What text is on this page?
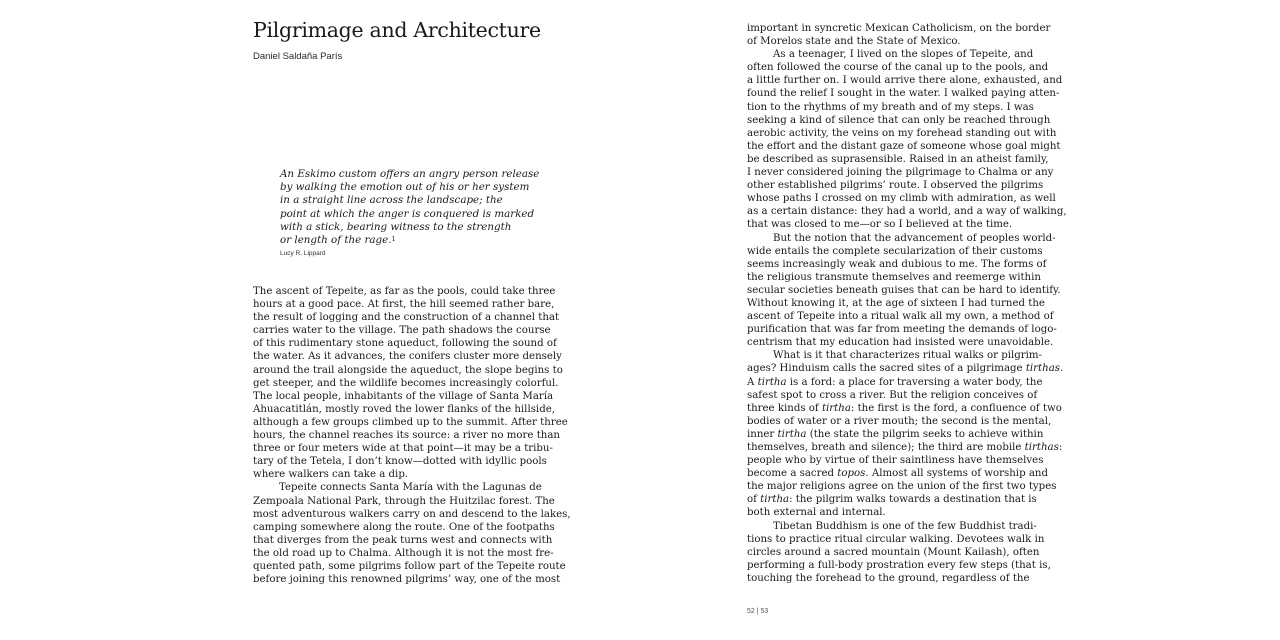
Pilgrimage and Architecture
Daniel Saldaña París
An Eskimo custom offers an angry person release
by walking the emotion out of his or her system
in a straight line across the landscape; the
point at which the anger is conquered is marked
with a stick, bearing witness to the strength
or length of the rage.$^1$
Lucy R. Lippard
The ascent of Tepeite, as far as the pools, could take three
hours at a good pace. At first, the hill seemed rather bare,
the result of logging and the construction of a channel that
carries water to the village. The path shadows the course
of this rudimentary stone aqueduct, following the sound of
the water. As it advances, the conifers cluster more densely
around the trail alongside the aqueduct, the slope begins to
get steeper, and the wildlife becomes increasingly colorful.
The local people, inhabitants of the village of Santa María
Ahuacatitlán, mostly roved the lower flanks of the hillside,
although a few groups climbed up to the summit. After three
hours, the channel reaches its source: a river no more than
three or four meters wide at that point—it may be a tribu-
tary of the Tetela, I don’t know—dotted with idyllic pools
where walkers can take a dip.
Tepeite connects Santa María with the Lagunas de
Zempoala National Park, through the Huitzilac forest. The
most adventurous walkers carry on and descend to the lakes,
camping somewhere along the route. One of the footpaths
that diverges from the peak turns west and connects with
the old road up to Chalma. Although it is not the most fre-
quented path, some pilgrims follow part of the Tepeite route
before joining this renowned pilgrims’ way, one of the most
important in syncretic Mexican Catholicism, on the border
of Morelos state and the State of Mexico.
As a teenager, I lived on the slopes of Tepeite, and
often followed the course of the canal up to the pools, and
a little further on. I would arrive there alone, exhausted, and
found the relief I sought in the water. I walked paying atten-
tion to the rhythms of my breath and of my steps. I was
seeking a kind of silence that can only be reached through
aerobic activity, the veins on my forehead standing out with
the effort and the distant gaze of someone whose goal might
be described as suprasensible. Raised in an atheist family,
I never considered joining the pilgrimage to Chalma or any
other established pilgrims’ route. I observed the pilgrims
whose paths I crossed on my climb with admiration, as well
as a certain distance: they had a world, and a way of walking,
that was closed to me—or so I believed at the time.
But the notion that the advancement of peoples world-
wide entails the complete secularization of their customs
seems increasingly weak and dubious to me. The forms of
the religious transmute themselves and reemerge within
secular societies beneath guises that can be hard to identify.
Without knowing it, at the age of sixteen I had turned the
ascent of Tepeite into a ritual walk all my own, a method of
purification that was far from meeting the demands of logo-
centrism that my education had insisted were unavoidable.
What is it that characterizes ritual walks or pilgrim-
ages? Hinduism calls the sacred sites of a pilgrimage tirthas.
A tirtha is a ford: a place for traversing a water body, the
safest spot to cross a river. But the religion conceives of
three kinds of tirtha: the first is the ford, a confluence of two
bodies of water or a river mouth; the second is the mental,
inner tirtha (the state the pilgrim seeks to achieve within
themselves, breath and silence); the third are mobile tirthas:
people who by virtue of their saintliness have themselves
become a sacred topos. Almost all systems of worship and
the major religions agree on the union of the first two types
of tirtha: the pilgrim walks towards a destination that is
both external and internal.
Tibetan Buddhism is one of the few Buddhist tradi-
tions to practice ritual circular walking. Devotees walk in
circles around a sacred mountain (Mount Kailash), often
performing a full-body prostration every few steps (that is,
touching the forehead to the ground, regardless of the
52 | 53
